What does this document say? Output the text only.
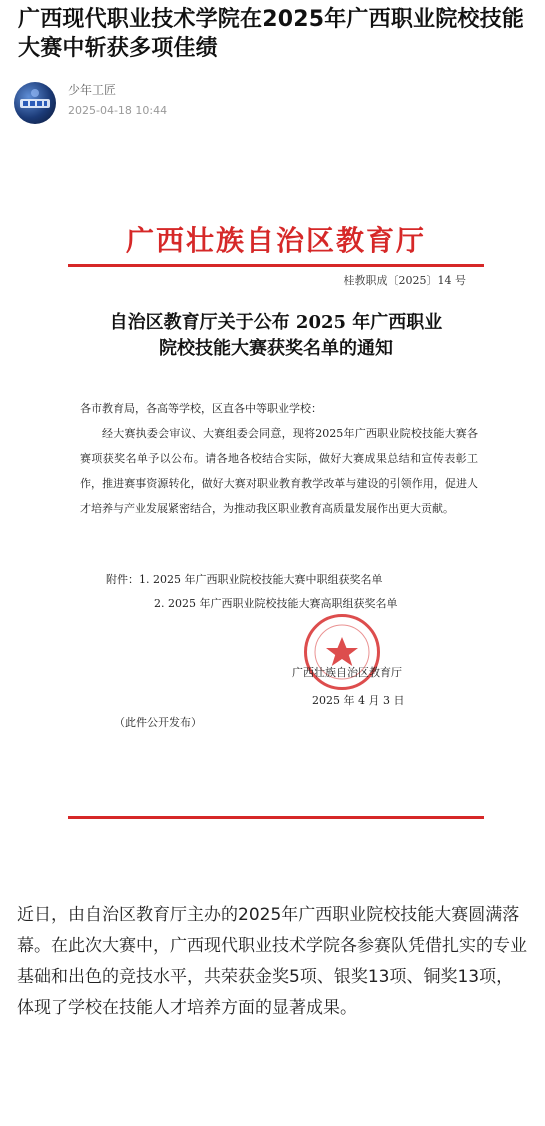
广西现代职业技术学院在2025年广西职业院校技能大赛中斩获多项佳绩
少年工匠
2025-04-18 10:44
广西壮族自治区教育厅
桂教职成〔2025〕14 号
自治区教育厅关于公布 2025 年广西职业
院校技能大赛获奖名单的通知
各市教育局，各高等学校，区直各中等职业学校：
经大赛执委会审议、大赛组委会同意，现将2025年广西职业院校技能大赛各赛项获奖名单予以公布。请各地各校结合实际，做好大赛成果总结和宣传表彰工作，推进赛事资源转化，做好大赛对职业教育教学改革与建设的引领作用，促进人才培养与产业发展紧密结合，为推动我区职业教育高质量发展作出更大贡献。
附件：1. 2025 年广西职业院校技能大赛中职组获奖名单
2. 2025 年广西职业院校技能大赛高职组获奖名单
广西壮族自治区教育厅
2025 年 4 月 3 日
（此件公开发布）
近日，由自治区教育厅主办的2025年广西职业院校技能大赛圆满落幕。在此次大赛中，广西现代职业技术学院各参赛队凭借扎实的专业基础和出色的竞技水平，共荣获金奖5项、银奖13项、铜奖13项，体现了学校在技能人才培养方面的显著成果。
